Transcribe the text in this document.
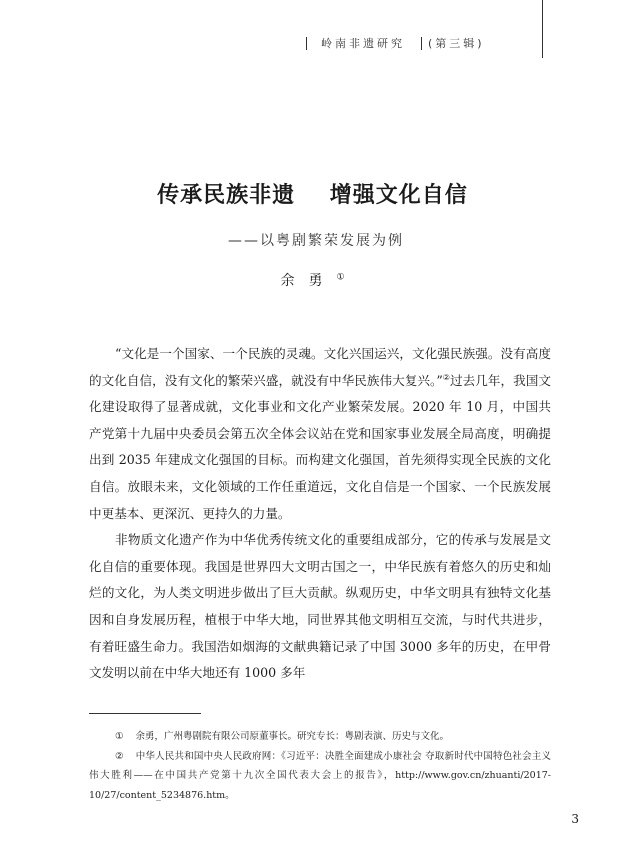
岭南非遗研究 (第三辑)
传承民族非遗    增强文化自信
——以粤剧繁荣发展为例
余勇①

“文化是一个国家、一个民族的灵魂。文化兴国运兴，文化强民族强。没有高度的文化自信，没有文化的繁荣兴盛，就没有中华民族伟大复兴。”②过去几年，我国文化建设取得了显著成就，文化事业和文化产业繁荣发展。2020 年 10 月，中国共产党第十九届中央委员会第五次全体会议站在党和国家事业发展全局高度，明确提出到 2035 年建成文化强国的目标。而构建文化强国，首先须得实现全民族的文化自信。放眼未来，文化领域的工作任重道远，文化自信是一个国家、一个民族发展中更基本、更深沉、更持久的力量。

非物质文化遗产作为中华优秀传统文化的重要组成部分，它的传承与发展是文化自信的重要体现。我国是世界四大文明古国之一，中华民族有着悠久的历史和灿烂的文化，为人类文明进步做出了巨大贡献。纵观历史，中华文明具有独特文化基因和自身发展历程，植根于中华大地，同世界其他文明相互交流，与时代共进步，有着旺盛生命力。我国浩如烟海的文献典籍记录了中国 3000 多年的历史，在甲骨文发明以前在中华大地还有 1000 多年

① 余勇，广州粤剧院有限公司原董事长。研究专长：粤剧表演、历史与文化。

② 中华人民共和国中央人民政府网：《习近平：决胜全面建成小康社会 夺取新时代中国特色社会主义伟大胜利——在中国共产党第十九次全国代表大会上的报告》，http://www.gov.cn/zhuanti/2017-10/27/content_5234876.htm。

3
